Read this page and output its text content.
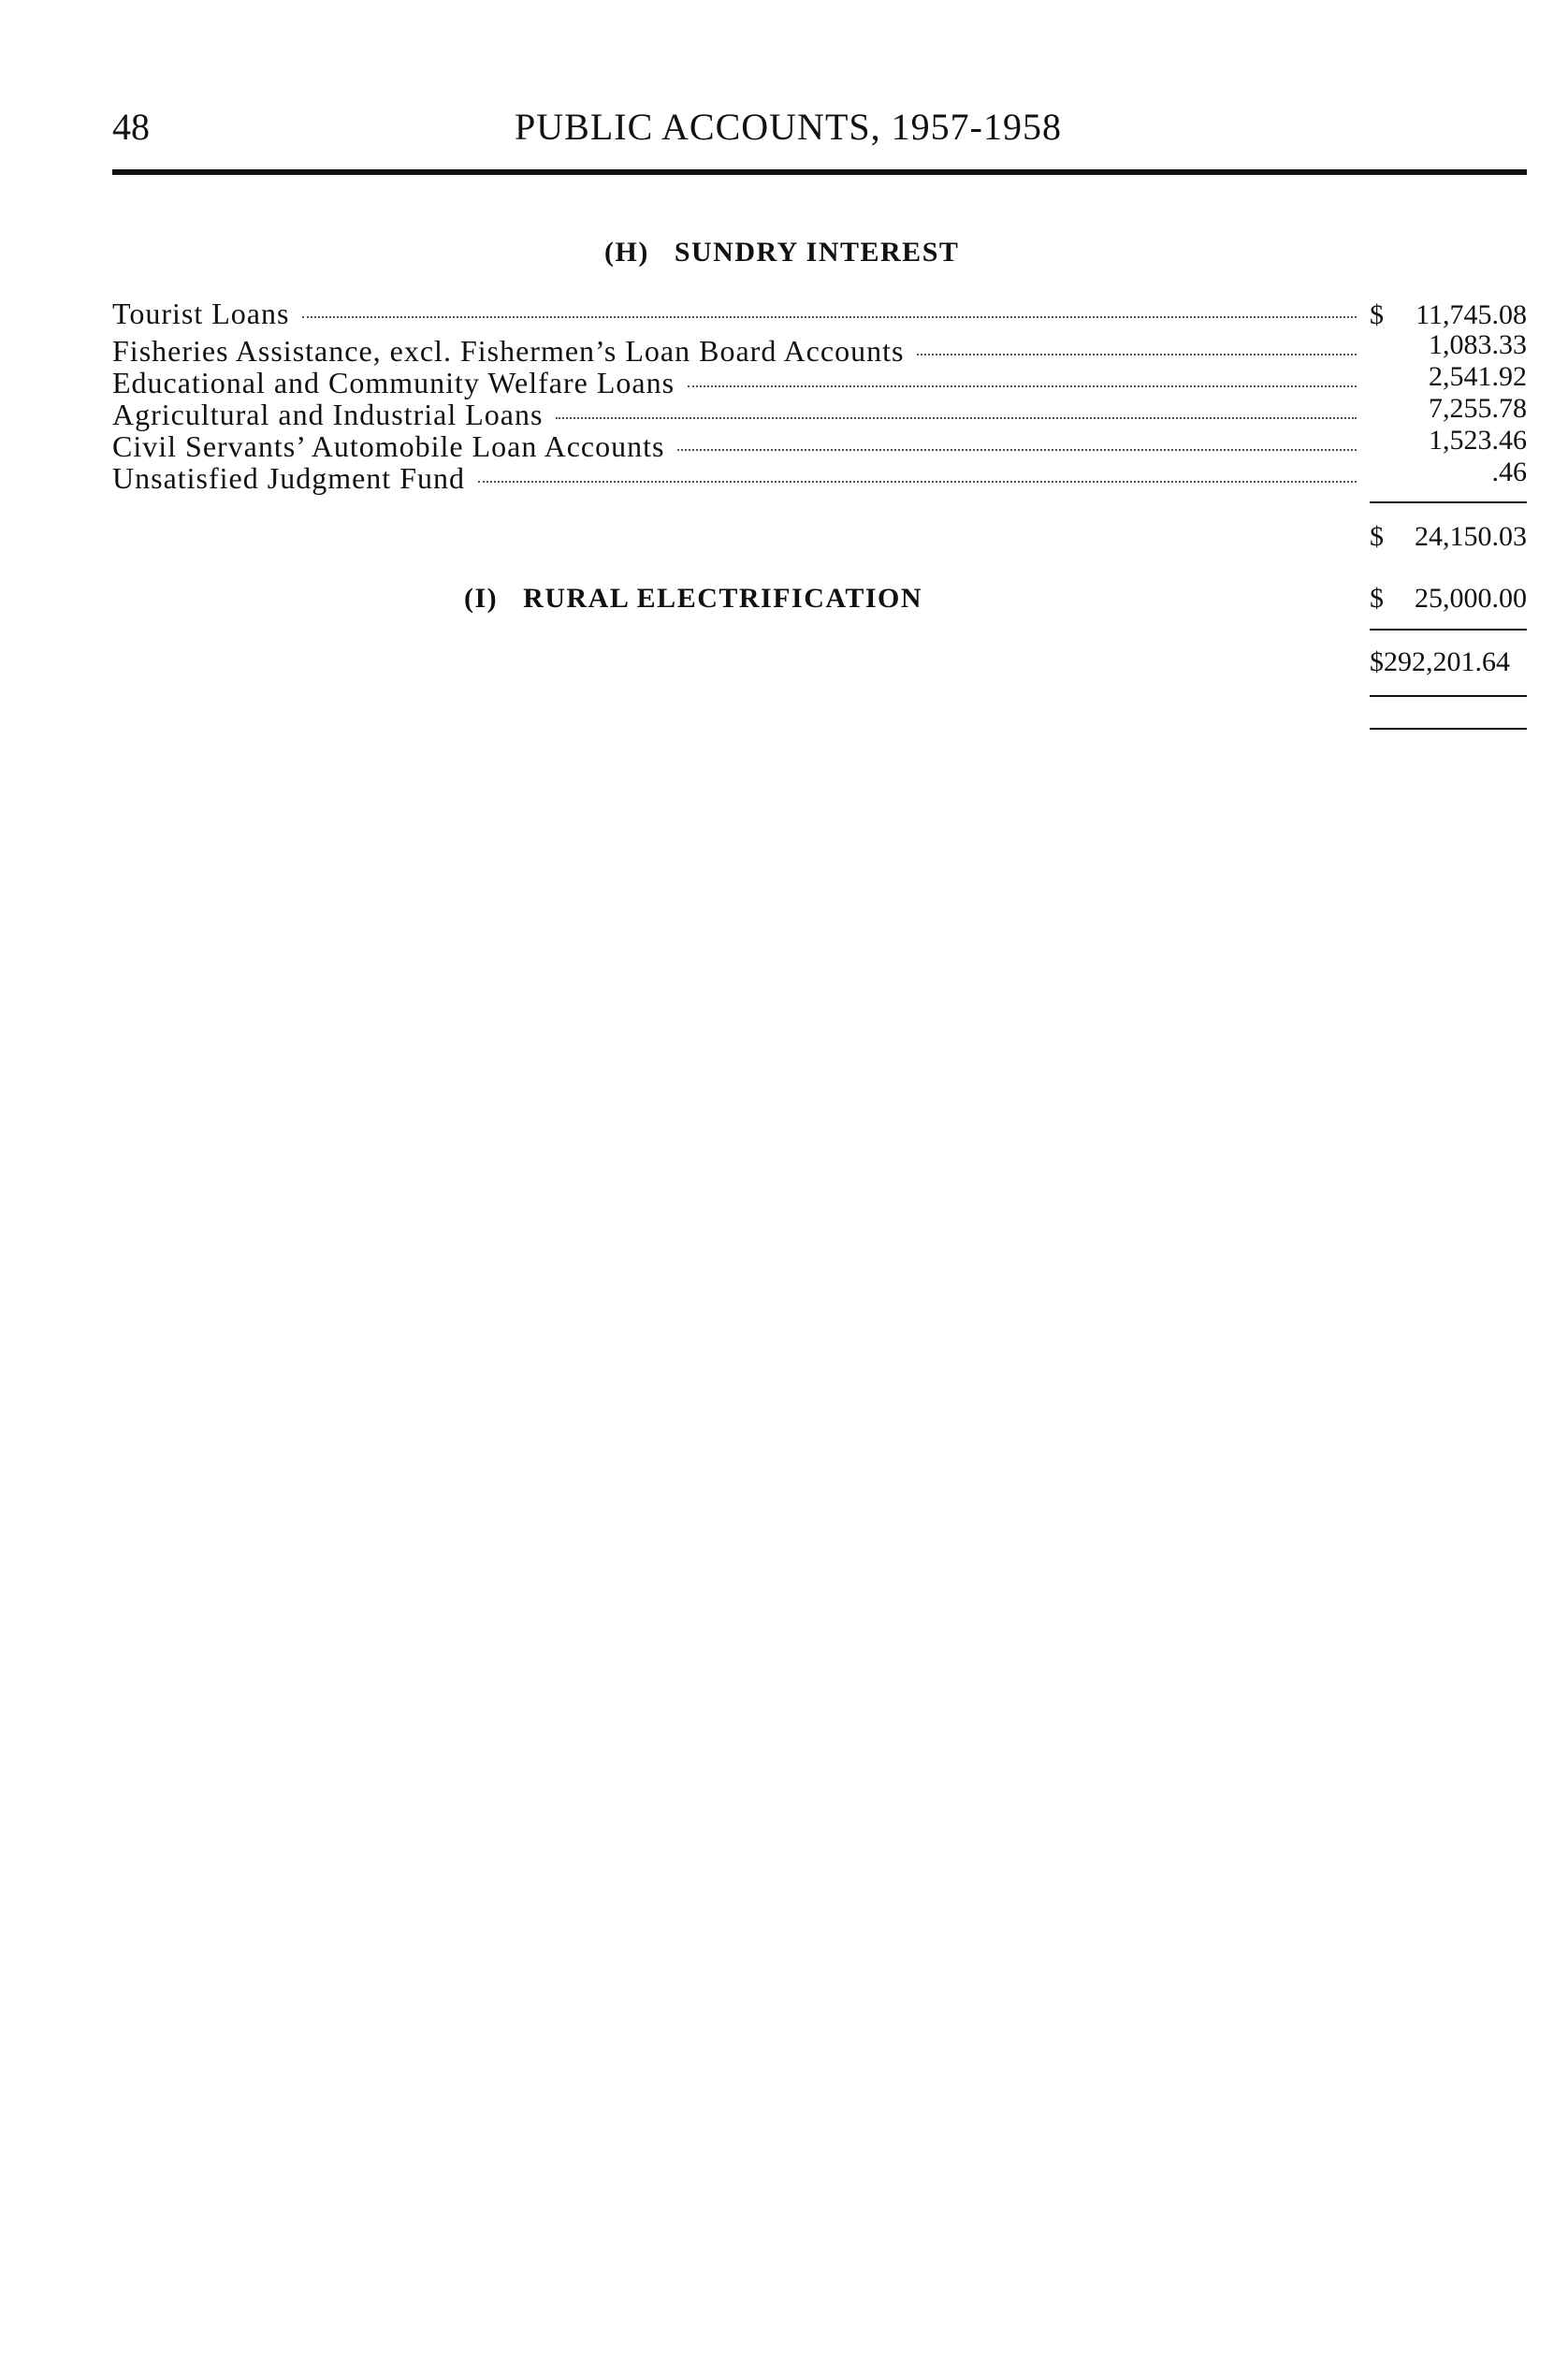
48	PUBLIC ACCOUNTS, 1957-1958
(H)   SUNDRY INTEREST
Tourist Loans	$ 11,745.08
Fisheries Assistance, excl. Fishermen’s Loan Board Accounts	1,083.33
Educational and Community Welfare Loans	2,541.92
Agricultural and Industrial Loans	7,255.78
Civil Servants’ Automobile Loan Accounts	1,523.46
Unsatisfied Judgment Fund	.46
$ 24,150.03
(I)   RURAL ELECTRIFICATION	$ 25,000.00
$292,201.64
